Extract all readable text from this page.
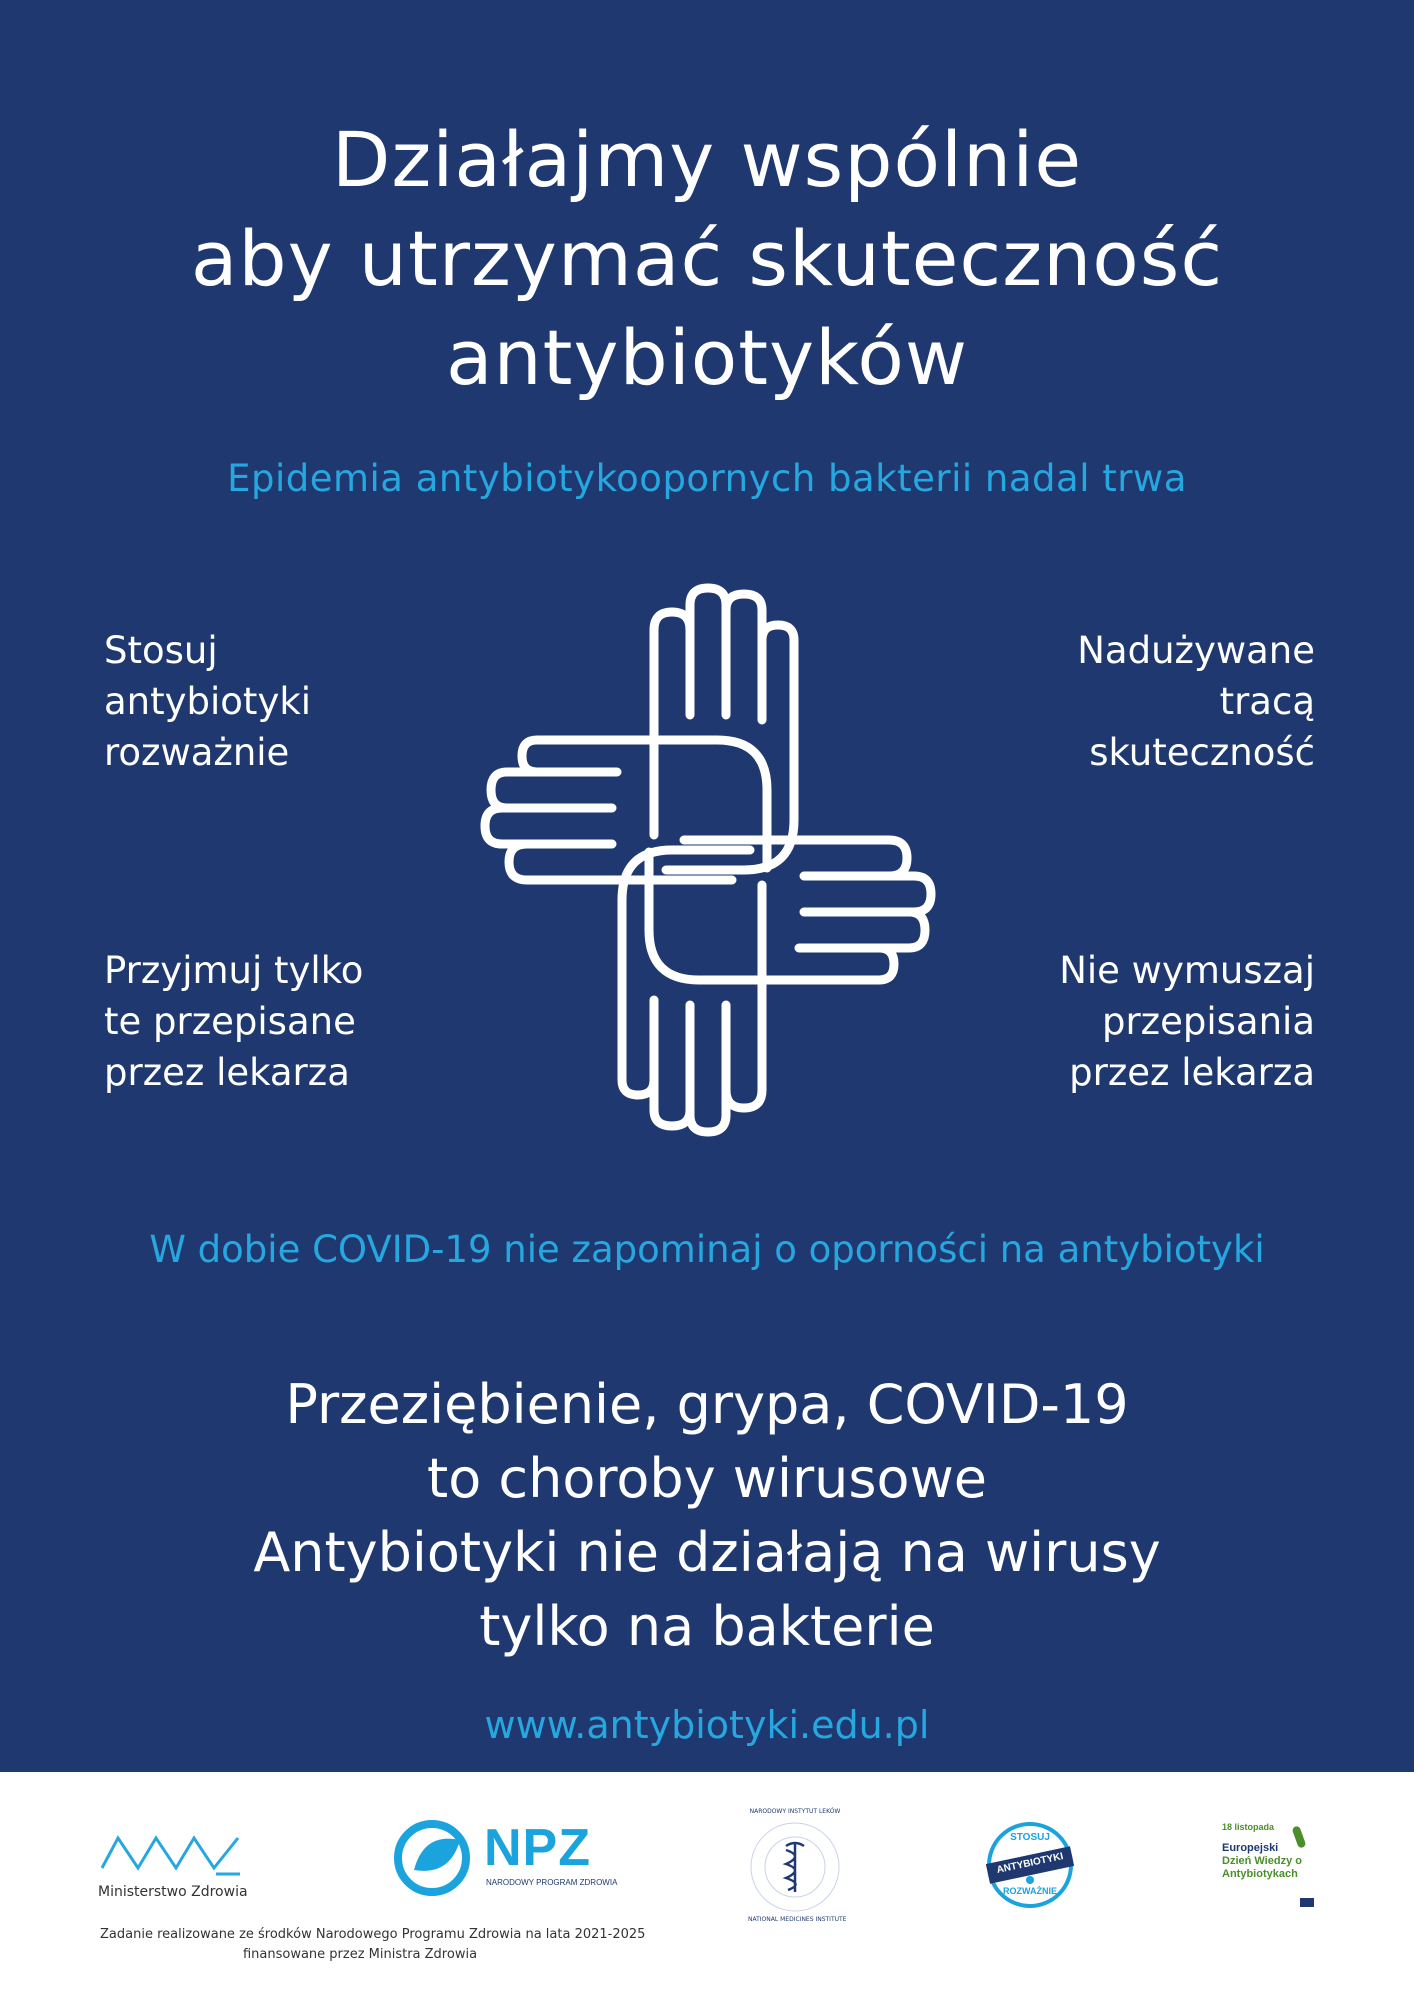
Działajmy wspólnie
aby utrzymać skuteczność
antybiotyków
Epidemia antybiotykoopornych bakterii nadal trwa
Stosuj
antybiotyki
rozważnie
Nadużywane
tracą
skuteczność
Przyjmuj tylko
te przepisane
przez lekarza
Nie wymuszaj
przepisania
przez lekarza
W dobie COVID-19 nie zapominaj o oporności na antybiotyki
Przeziębienie, grypa, COVID-19
to choroby wirusowe
Antybiotyki nie działają na wirusy
tylko na bakterie
www.antybiotyki.edu.pl
Ministerstwo Zdrowia
NPZ
NARODOWY PROGRAM ZDROWIA
NARODOWY INSTYTUT LEKÓW
NATIONAL MEDICINES INSTITUTE
STOSUJ
ANTYBIOTYKI
ROZWAŻNIE
18 listopada
Europejski
Dzień Wiedzy o
Antybiotykach
Zadanie realizowane ze środków Narodowego Programu Zdrowia na lata 2021-2025
finansowane przez Ministra Zdrowia
